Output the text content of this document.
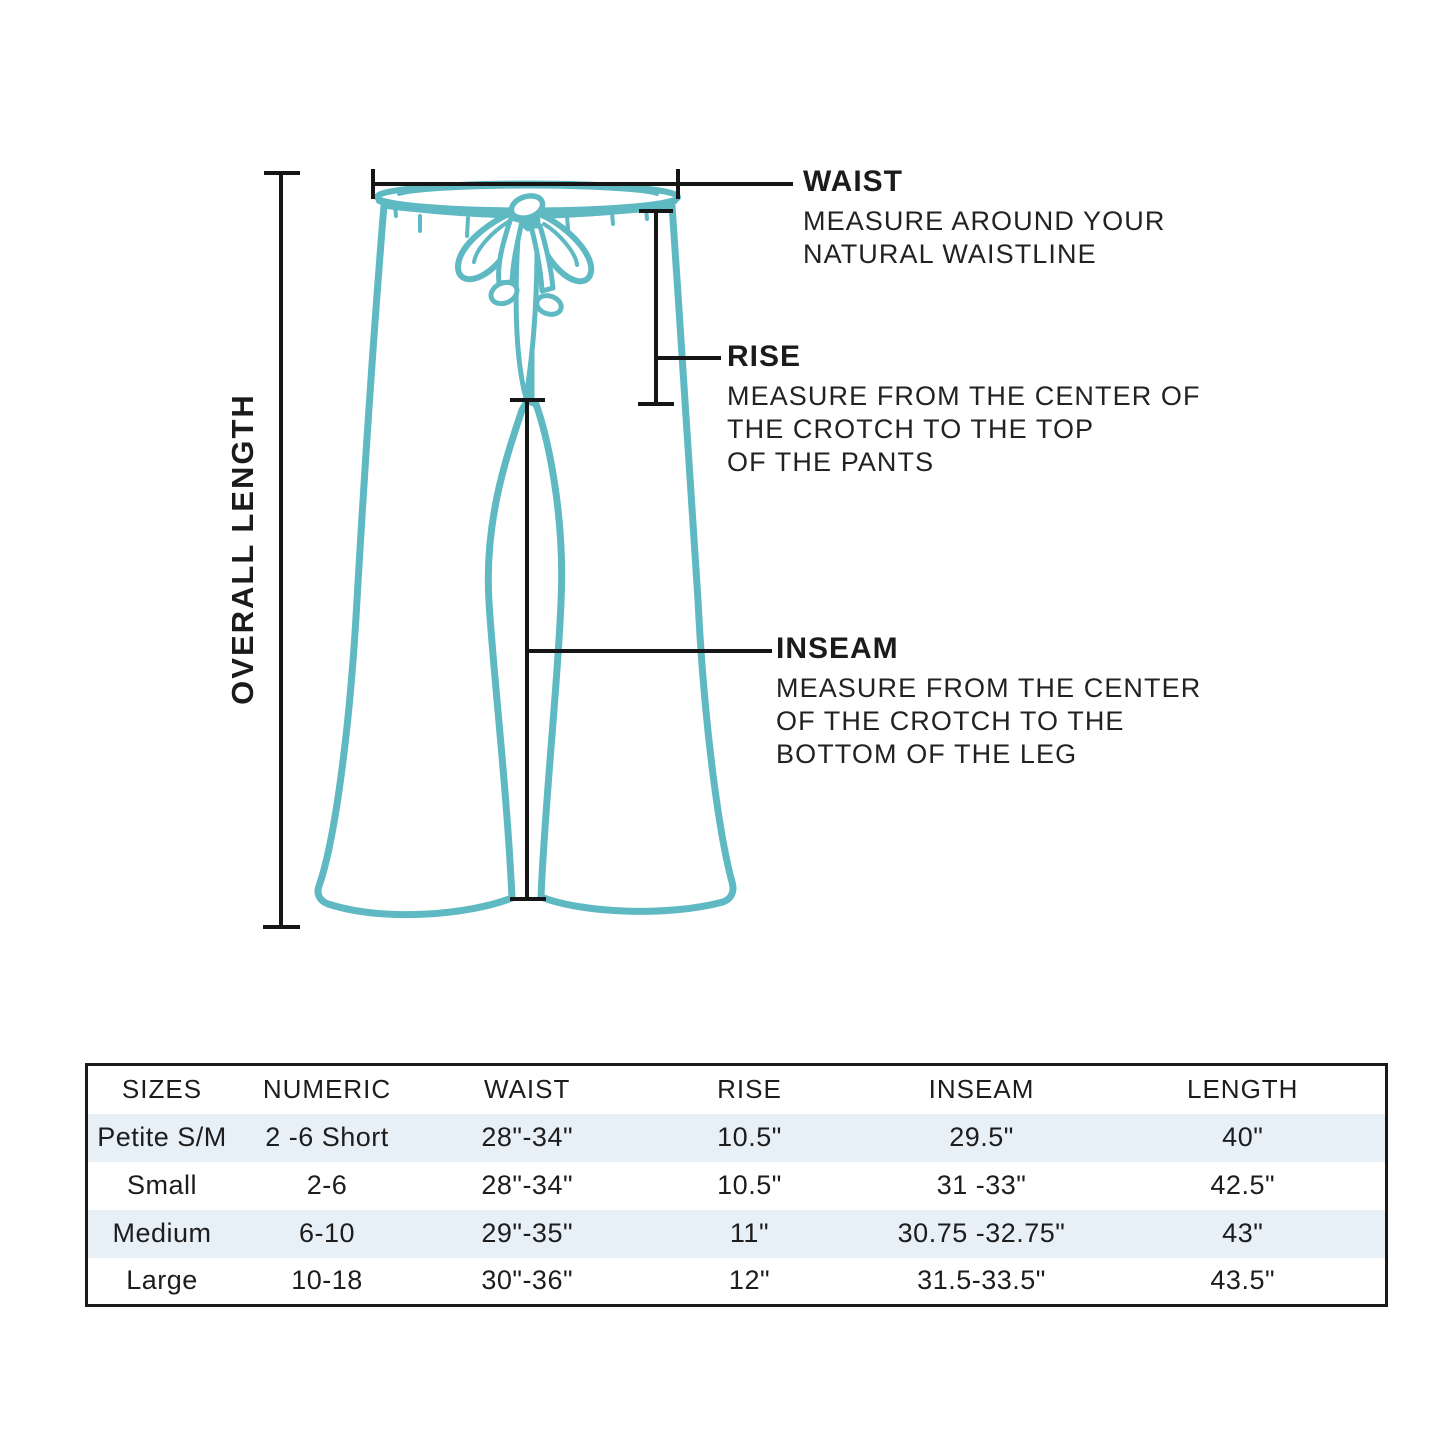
OVERALL LENGTH
WAIST
MEASURE AROUND YOUR
NATURAL WAISTLINE
RISE
MEASURE FROM THE CENTER OF
THE CROTCH TO THE TOP
OF THE PANTS
INSEAM
MEASURE FROM THE CENTER
OF THE CROTCH TO THE
BOTTOM OF THE LEG
SIZES	NUMERIC	WAIST	RISE	INSEAM	LENGTH
Petite S/M	2 -6 Short	28"-34"	10.5"	29.5"	40"
Small	2-6	28"-34"	10.5"	31 -33"	42.5"
Medium	6-10	29"-35"	11"	30.75 -32.75"	43"
Large	10-18	30"-36"	12"	31.5-33.5"	43.5"
